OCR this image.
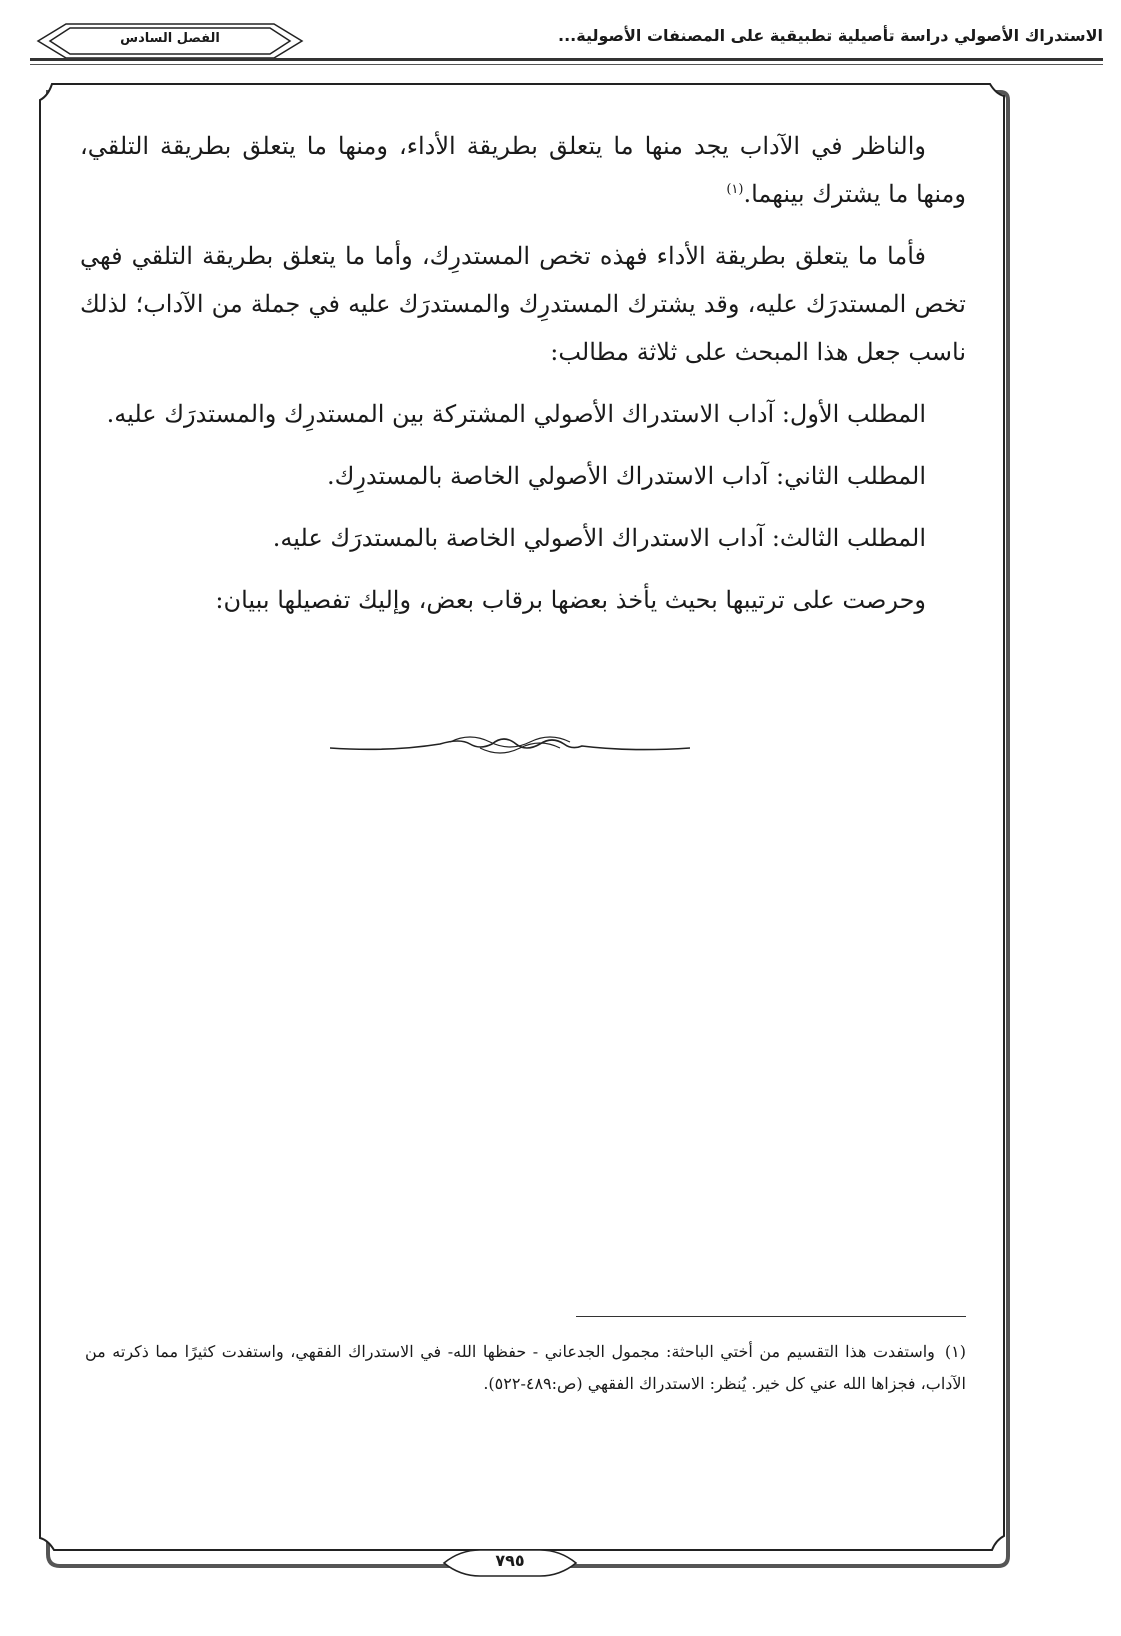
الاستدراك الأصولي دراسة تأصيلية تطبيقية على المصنفات الأصولية...
الفصل السادس

والناظر في الآداب يجد منها ما يتعلق بطريقة الأداء، ومنها ما يتعلق بطريقة التلقي، ومنها ما يشترك بينهما.$^{(١)}$

فأما ما يتعلق بطريقة الأداء فهذه تخص المستدرِك، وأما ما يتعلق بطريقة التلقي فهي تخص المستدرَك عليه، وقد يشترك المستدرِك والمستدرَك عليه في جملة من الآداب؛ لذلك ناسب جعل هذا المبحث على ثلاثة مطالب:

المطلب الأول: آداب الاستدراك الأصولي المشتركة بين المستدرِك والمستدرَك عليه.

المطلب الثاني: آداب الاستدراك الأصولي الخاصة بالمستدرِك.

المطلب الثالث: آداب الاستدراك الأصولي الخاصة بالمستدرَك عليه.

وحرصت على ترتيبها بحيث يأخذ بعضها برقاب بعض، وإليك تفصيلها ببيان:

(١)واستفدت هذا التقسيم من أختي الباحثة: مجمول الجدعاني - حفظها الله- في الاستدراك الفقهي، واستفدت كثيرًا مما ذكرته من الآداب، فجزاها الله عني كل خير. يُنظر: الاستدراك الفقهي (ص:٤٨٩-٥٢٢).
٧٩٥
